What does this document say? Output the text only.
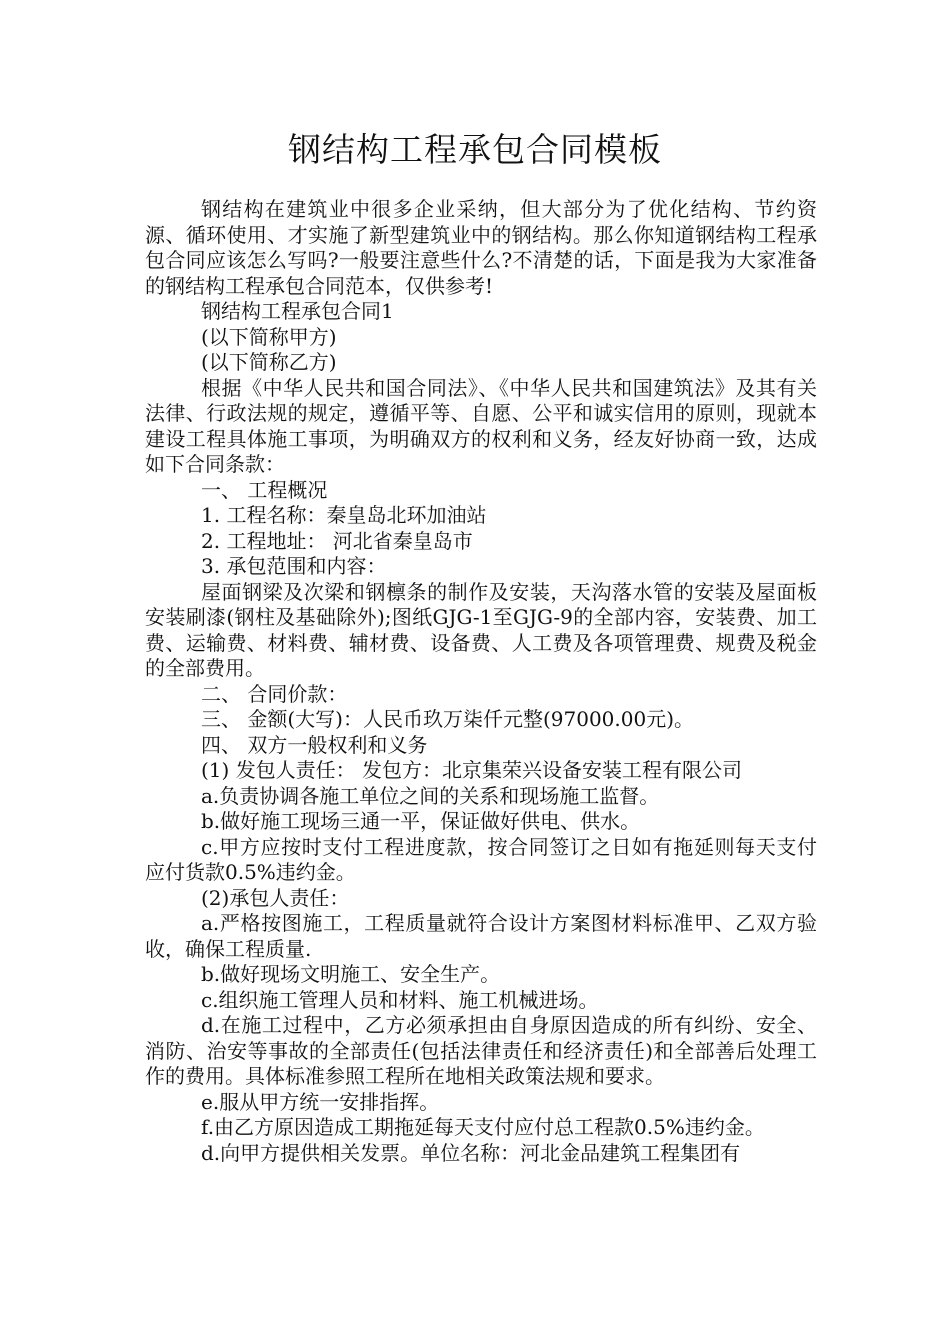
钢结构工程承包合同模板

钢结构在建筑业中很多企业采纳，但大部分为了优化结构、节约资源、循环使用、才实施了新型建筑业中的钢结构。那么你知道钢结构工程承包合同应该怎么写吗?一般要注意些什么?不清楚的话，下面是我为大家准备的钢结构工程承包合同范本，仅供参考!

钢结构工程承包合同1

(以下简称甲方)

(以下简称乙方)

根据《中华人民共和国合同法》、《中华人民共和国建筑法》及其有关法律、行政法规的规定，遵循平等、自愿、公平和诚实信用的原则，现就本建设工程具体施工事项，为明确双方的权利和义务，经友好协商一致，达成如下合同条款：

一、 工程概况

1. 工程名称：秦皇岛北环加油站

2. 工程地址： 河北省秦皇岛市

3. 承包范围和内容：

屋面钢梁及次梁和钢檩条的制作及安装，天沟落水管的安装及屋面板安装刷漆(钢柱及基础除外);图纸GJG-1至GJG-9的全部内容，安装费、加工费、运输费、材料费、辅材费、设备费、人工费及各项管理费、规费及税金的全部费用。

二、 合同价款：

三、 金额(大写)：人民币玖万柒仟元整(97000.00元)。

四、 双方一般权利和义务

(1) 发包人责任： 发包方：北京集荣兴设备安装工程有限公司

a.负责协调各施工单位之间的关系和现场施工监督。

b.做好施工现场三通一平，保证做好供电、供水。

c.甲方应按时支付工程进度款，按合同签订之日如有拖延则每天支付应付货款0.5%违约金。

(2)承包人责任：

a.严格按图施工，工程质量就符合设计方案图材料标准甲、乙双方验收，确保工程质量.

b.做好现场文明施工、安全生产。

c.组织施工管理人员和材料、施工机械进场。

d.在施工过程中，乙方必须承担由自身原因造成的所有纠纷、安全、消防、治安等事故的全部责任(包括法律责任和经济责任)和全部善后处理工作的费用。具体标准参照工程所在地相关政策法规和要求。

e.服从甲方统一安排指挥。

f.由乙方原因造成工期拖延每天支付应付总工程款0.5%违约金。

d.向甲方提供相关发票。单位名称：河北金品建筑工程集团有
